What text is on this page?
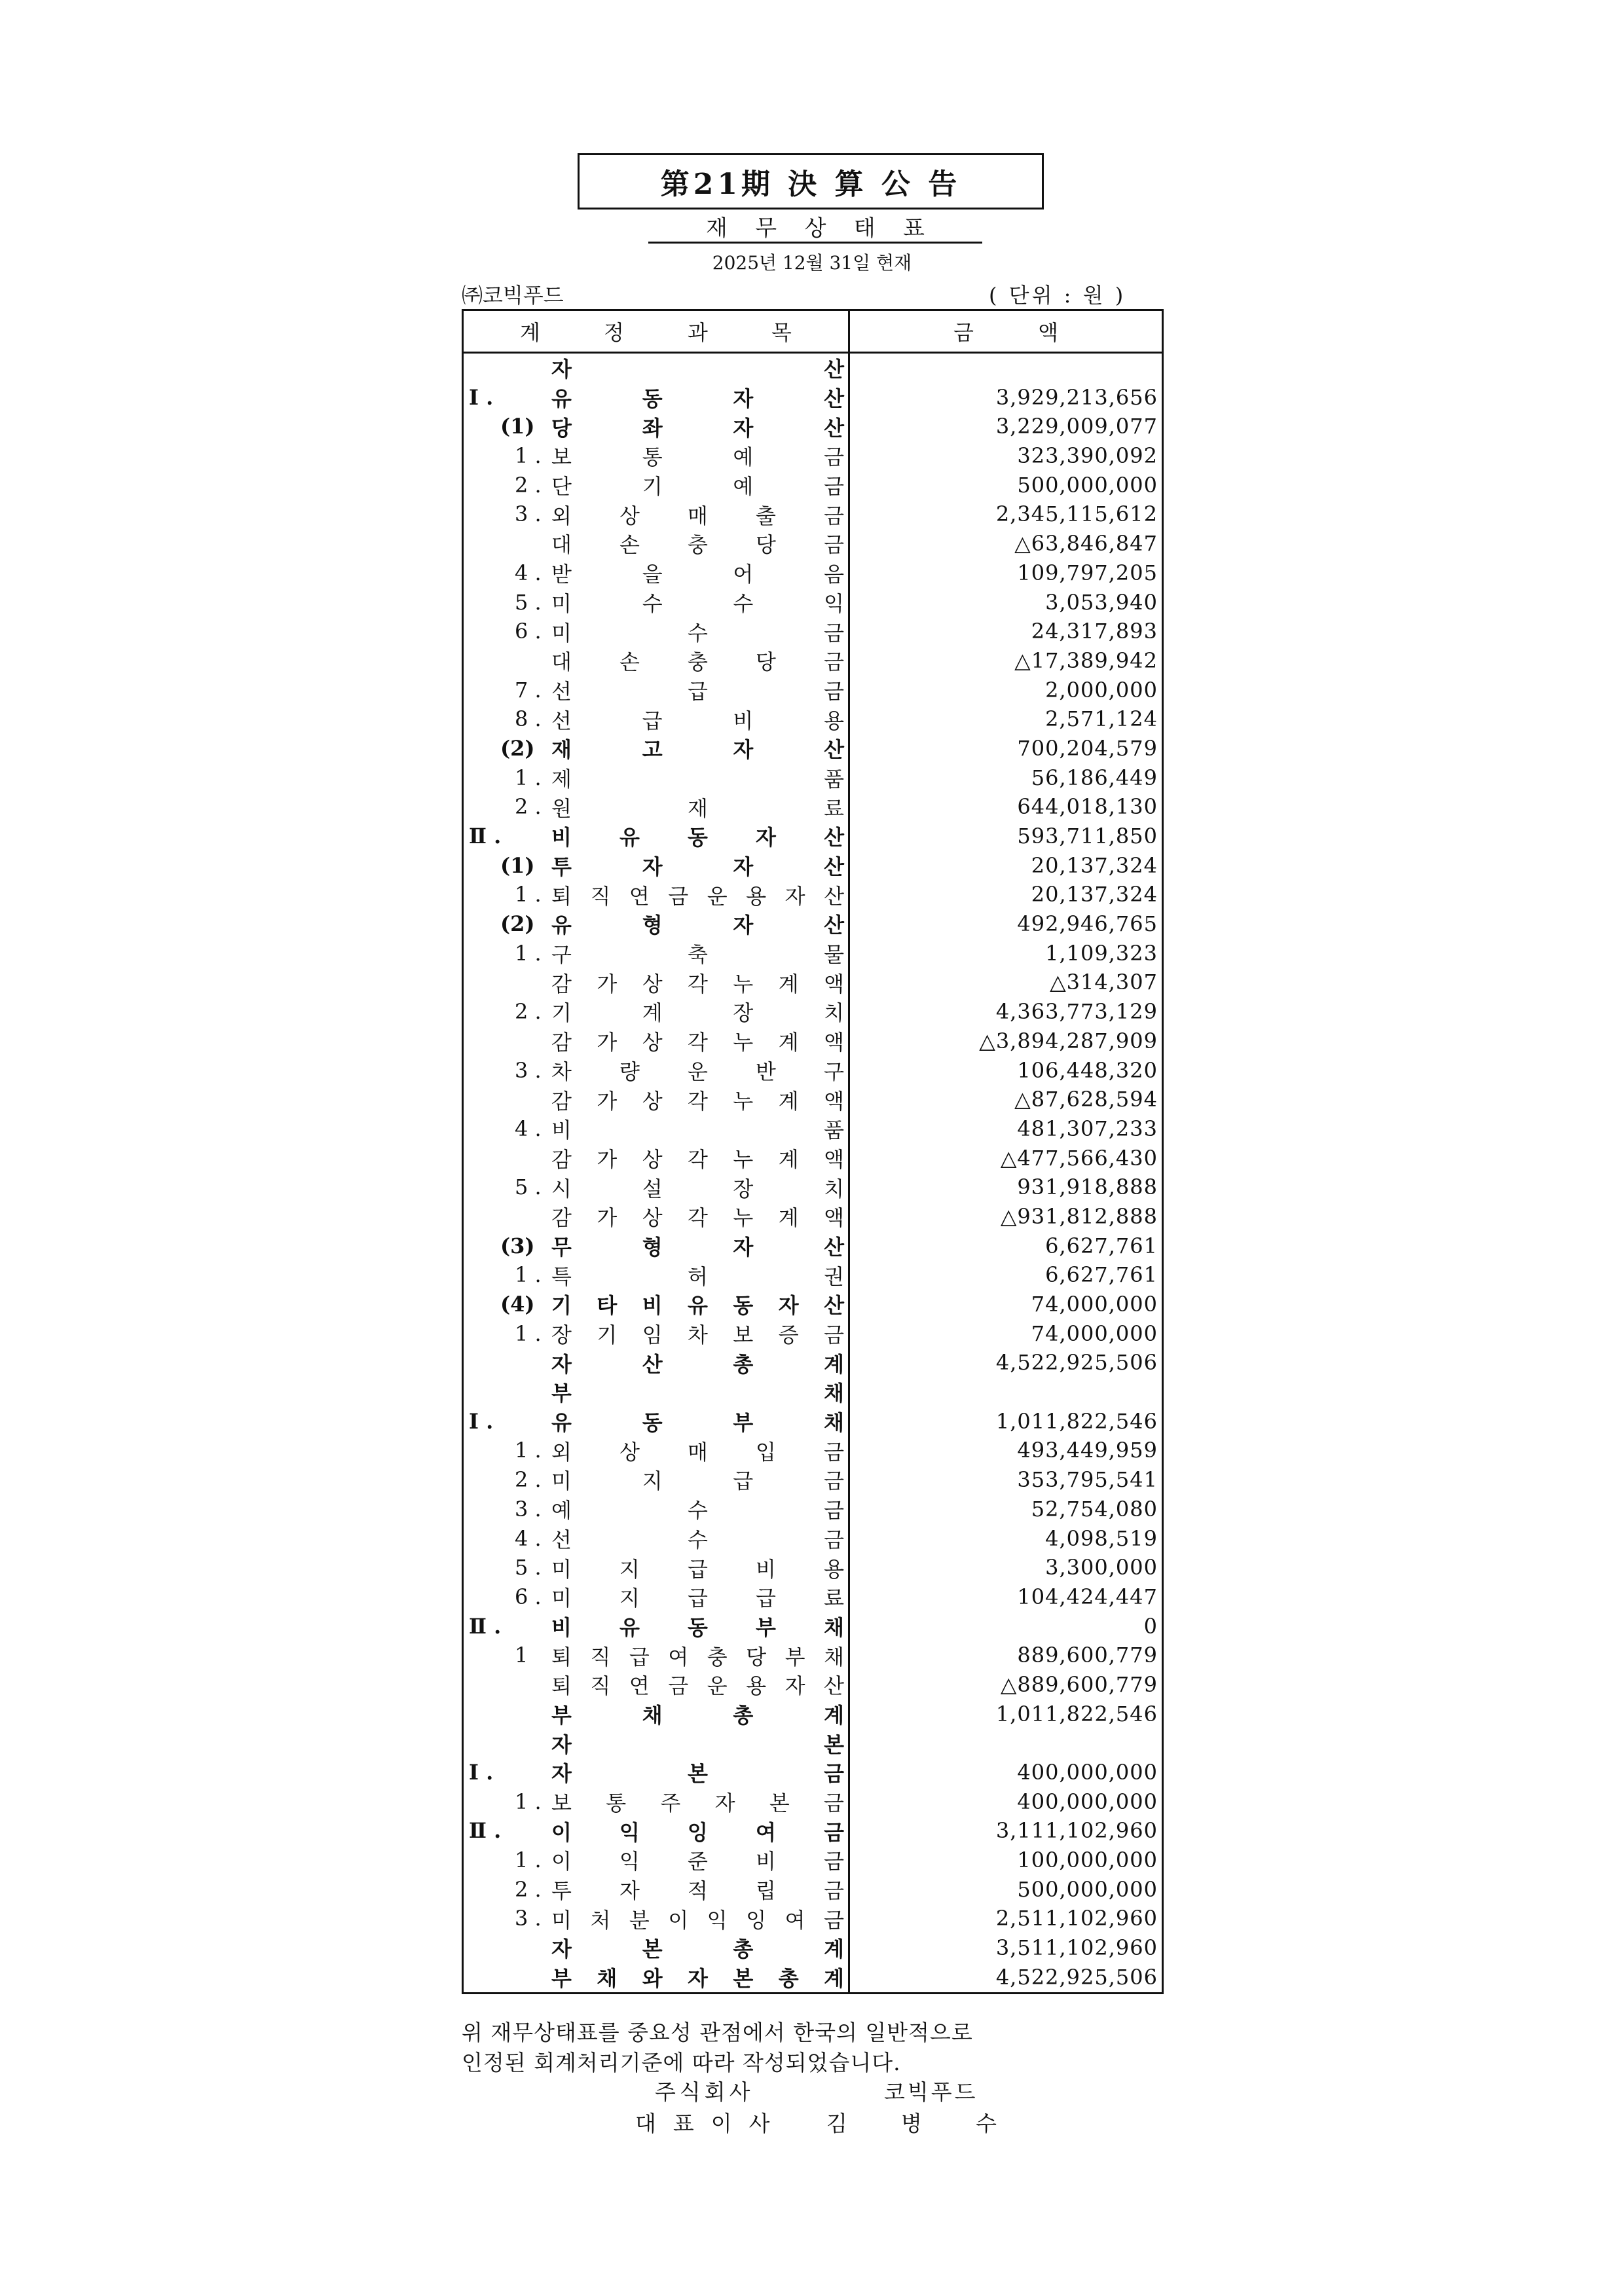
第21期 決 算 公 告
재 무 상 태 표
2025년 12월 31일 현재
㈜코빅푸드	( 단위 : 원 )
계	정	과	목	금	액
자	산
Ⅰ .	유	동	자	산	3,929,213,656
(1) 당	좌	자	산	3,229,009,077
1 . 보	통	예	금	323,390,092
2 . 단	기	예	금	500,000,000
3 . 외 상 매 출 금	2,345,115,612
대 손 충 당 금	△63,846,847
4 . 받	을	어	음	109,797,205
5 . 미	수	수	익	3,053,940
6 . 미	수	금	24,317,893
대 손 충 당 금	△17,389,942
7 . 선	급	금	2,000,000
8 . 선	급	비	용	2,571,124
(2) 재	고	자	산	700,204,579
1 . 제	품	56,186,449
2 . 원	재	료	644,018,130
Ⅱ . 비 유 동 자 산	593,711,850
(1) 투	자	자	산	20,137,324
1 . 퇴 직 연 금 운 용 자 산	20,137,324
(2) 유	형	자	산	492,946,765
1 . 구	축	물	1,109,323
감 가 상 각 누 계 액	△314,307
2 . 기	계	장	치	4,363,773,129
감 가 상 각 누 계 액	△3,894,287,909
3 . 차 량 운 반 구	106,448,320
감 가 상 각 누 계 액	△87,628,594
4 . 비	품	481,307,233
감 가 상 각 누 계 액	△477,566,430
5 . 시	설	장	치	931,918,888
감 가 상 각 누 계 액	△931,812,888
(3) 무	형	자	산	6,627,761
1 . 특	허	권	6,627,761
(4) 기 타 비 유 동 자 산	74,000,000
1 . 장 기 임 차 보 증 금	74,000,000
자	산	총	계	4,522,925,506
부	채
Ⅰ .	유	동	부	채	1,011,822,546
1 . 외 상 매 입 금	493,449,959
2 . 미	지	급	금	353,795,541
3 . 예	수	금	52,754,080
4 . 선	수	금	4,098,519
5 . 미 지 급 비 용	3,300,000
6 . 미 지 급 급 료	104,424,447
Ⅱ . 비 유 동 부 채	0
1 퇴 직 급 여 충 당 부 채	889,600,779
퇴 직 연 금 운 용 자 산	△889,600,779
부	채	총	계	1,011,822,546
자	본
Ⅰ .	자	본	금	400,000,000
1 . 보 통 주 자 본 금	400,000,000
Ⅱ . 이 익 잉 여 금	3,111,102,960
1 . 이 익 준 비 금	100,000,000
2 . 투 자 적 립 금	500,000,000
3 . 미 처 분 이 익 잉 여 금	2,511,102,960
자	본	총	계	3,511,102,960
부 채 와 자 본 총 계	4,522,925,506
위 재무상태표를 중요성 관점에서 한국의 일반적으로
인정된 회계처리기준에 따라 작성되었습니다.
주식회사	코빅푸드
대표이사 김 병 수
